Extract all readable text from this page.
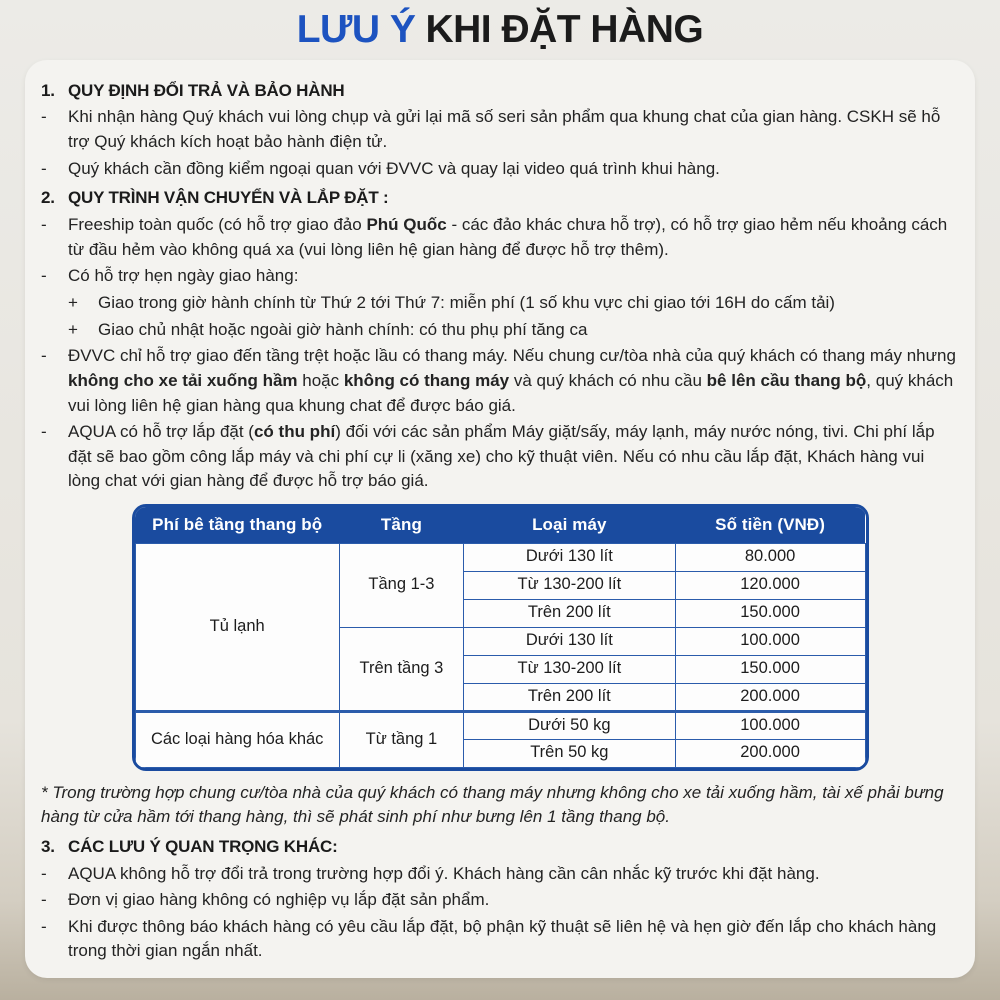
LƯU Ý KHI ĐẶT HÀNG
1. QUY ĐỊNH ĐỔI TRẢ VÀ BẢO HÀNH
-	Khi nhận hàng Quý khách vui lòng chụp và gửi lại mã số seri sản phẩm qua khung chat của gian hàng. CSKH sẽ hỗ trợ Quý khách kích hoạt bảo hành điện tử.
-	Quý khách cần đồng kiểm ngoại quan với ĐVVC và quay lại video quá trình khui hàng.
2. QUY TRÌNH VẬN CHUYỂN VÀ LẮP ĐẶT :
-	Freeship toàn quốc (có hỗ trợ giao đảo Phú Quốc - các đảo khác chưa hỗ trợ), có hỗ trợ giao hẻm nếu khoảng cách từ đầu hẻm vào không quá xa (vui lòng liên hệ gian hàng để được hỗ trợ thêm).
-	Có hỗ trợ hẹn ngày giao hàng:
+	Giao trong giờ hành chính từ Thứ 2 tới Thứ 7: miễn phí (1 số khu vực chi giao tới 16H do cấm tải)
+	Giao chủ nhật hoặc ngoài giờ hành chính: có thu phụ phí tăng ca
-	ĐVVC chỉ hỗ trợ giao đến tầng trệt hoặc lầu có thang máy. Nếu chung cư/tòa nhà của quý khách có thang máy nhưng không cho xe tải xuống hầm hoặc không có thang máy và quý khách có nhu cầu bê lên cầu thang bộ, quý khách vui lòng liên hệ gian hàng qua khung chat để được báo giá.
-	AQUA có hỗ trợ lắp đặt (có thu phí) đối với các sản phẩm Máy giặt/sấy, máy lạnh, máy nước nóng, tivi. Chi phí lắp đặt sẽ bao gồm công lắp máy và chi phí cự li (xăng xe) cho kỹ thuật viên. Nếu có nhu cầu lắp đặt, Khách hàng vui lòng chat với gian hàng để được hỗ trợ báo giá.
Phí bê tầng thang bộ	Tầng	Loại máy	Số tiền (VNĐ)
Tủ lạnh	Tầng 1-3	Dưới 130 lít	80.000
		Từ 130-200 lít	120.000
		Trên 200 lít	150.000
	Trên tầng 3	Dưới 130 lít	100.000
		Từ 130-200 lít	150.000
		Trên 200 lít	200.000
Các loại hàng hóa khác	Từ tầng 1	Dưới 50 kg	100.000
		Trên 50 kg	200.000
* Trong trường hợp chung cư/tòa nhà của quý khách có thang máy nhưng không cho xe tải xuống hầm, tài xế phải bưng hàng từ cửa hầm tới thang hàng, thì sẽ phát sinh phí như bưng lên 1 tầng thang bộ.
3. CÁC LƯU Ý QUAN TRỌNG KHÁC:
-	AQUA không hỗ trợ đổi trả trong trường hợp đổi ý. Khách hàng cần cân nhắc kỹ trước khi đặt hàng.
-	Đơn vị giao hàng không có nghiệp vụ lắp đặt sản phẩm.
-	Khi được thông báo khách hàng có yêu cầu lắp đặt, bộ phận kỹ thuật sẽ liên hệ và hẹn giờ đến lắp cho khách hàng trong thời gian ngắn nhất.
